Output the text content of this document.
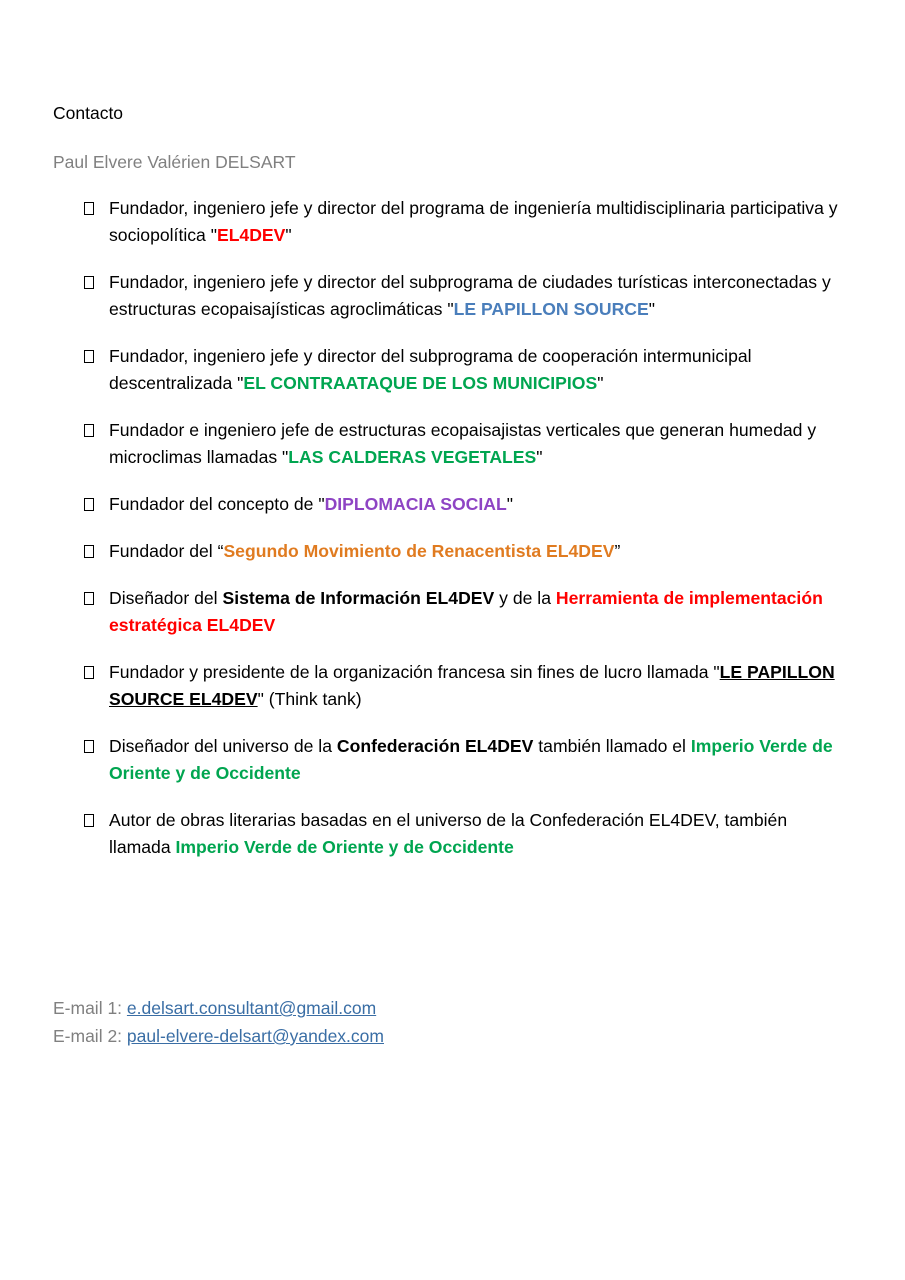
Contacto
Paul Elvere Valérien DELSART
Fundador, ingeniero jefe y director del programa de ingeniería multidisciplinaria participativa y sociopolítica "EL4DEV"
Fundador, ingeniero jefe y director del subprograma de ciudades turísticas interconectadas y estructuras ecopaisajísticas agroclimáticas "LE PAPILLON SOURCE"
Fundador, ingeniero jefe y director del subprograma de cooperación intermunicipal descentralizada "EL CONTRAATAQUE DE LOS MUNICIPIOS"
Fundador e ingeniero jefe de estructuras ecopaisajistas verticales que generan humedad y microclimas llamadas "LAS CALDERAS VEGETALES"
Fundador del concepto de "DIPLOMACIA SOCIAL"
Fundador del “Segundo Movimiento de Renacentista EL4DEV”
Diseñador del Sistema de Información EL4DEV y de la Herramienta de implementación estratégica EL4DEV
Fundador y presidente de la organización francesa sin fines de lucro llamada "LE PAPILLON SOURCE EL4DEV" (Think tank)
Diseñador del universo de la Confederación EL4DEV también llamado el Imperio Verde de Oriente y de Occidente
Autor de obras literarias basadas en el universo de la Confederación EL4DEV, también llamada Imperio Verde de Oriente y de Occidente
E-mail 1: e.delsart.consultant@gmail.com
E-mail 2: paul-elvere-delsart@yandex.com
